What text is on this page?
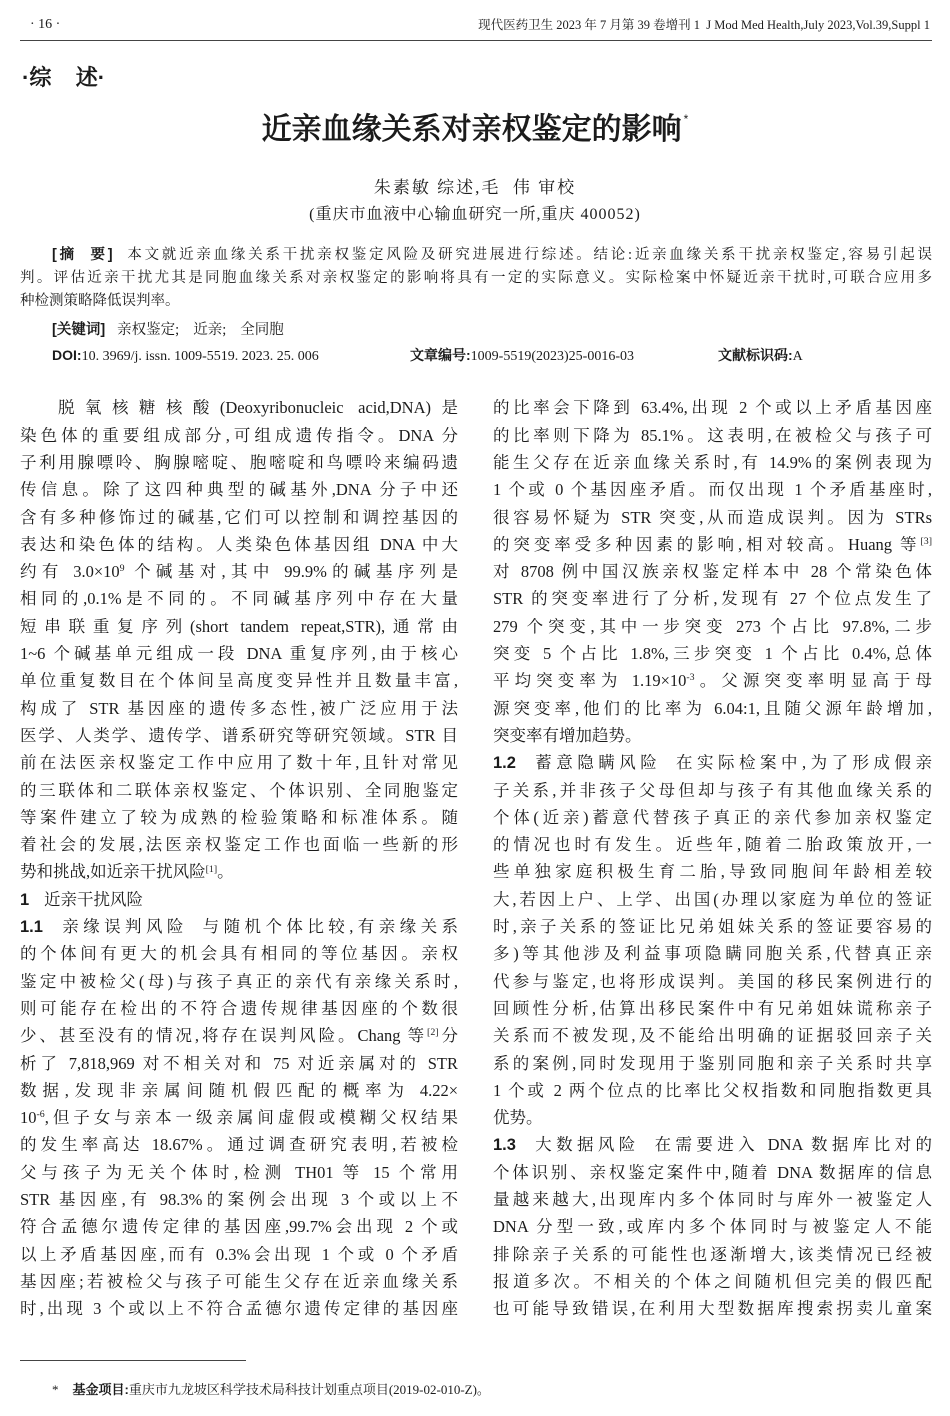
· 16 ·	现代医药卫生 2023 年 7 月第 39 卷增刊 1  J Mod Med Health,July 2023,Vol.39,Suppl 1
·综    述·
近亲血缘关系对亲权鉴定的影响 *
朱素敏 综述,毛  伟 审校
(重庆市血液中心输血研究一所,重庆 400052)
[摘  要] 本文就近亲血缘关系干扰亲权鉴定风险及研究进展进行综述。结论:近亲血缘关系干扰亲权鉴定,容易引起误
判。评估近亲干扰尤其是同胞血缘关系对亲权鉴定的影响将具有一定的实际意义。实际检案中怀疑近亲干扰时,可联合应用多
种检测策略降低误判率。
[关键词] 亲权鉴定; 近亲; 全同胞
DOI:10. 3969/j. issn. 1009-5519. 2023. 25. 006	文章编号:1009-5519(2023)25-0016-03	文献标识码:A
脱氧核糖核酸(Deoxyribonucleic acid,DNA)是
染色体的重要组成部分,可组成遗传指令。DNA 分
子利用腺嘌呤、胸腺嘧啶、胞嘧啶和鸟嘌呤来编码遗
传信息。除了这四种典型的碱基外,DNA 分子中还
含有多种修饰过的碱基,它们可以控制和调控基因的
表达和染色体的结构。人类染色体基因组 DNA 中大
约有 $3.0\times 10^9$ 个碱基对,其中 99.9%的碱基序列是
相同的,0.1%是不同的。不同碱基序列中存在大量
短串联重复序列(short tandem repeat,STR),通常由
1~6 个碱基单元组成一段 DNA 重复序列,由于核心
单位重复数目在个体间呈高度变异性并且数量丰富,
构成了 STR 基因座的遗传多态性,被广泛应用于法
医学、人类学、遗传学、谱系研究等研究领域。STR 目
前在法医亲权鉴定工作中应用了数十年,且针对常见
的三联体和二联体亲权鉴定、个体识别、全同胞鉴定
等案件建立了较为成熟的检验策略和标准体系。随
着社会的发展,法医亲权鉴定工作也面临一些新的形
势和挑战,如近亲干扰风险[1]。
1 近亲干扰风险
1.1 亲缘误判风险 与随机个体比较,有亲缘关系
的个体间有更大的机会具有相同的等位基因。亲权
鉴定中被检父(母)与孩子真正的亲代有亲缘关系时,
则可能存在检出的不符合遗传规律基因座的个数很
少、甚至没有的情况,将存在误判风险。Chang 等[2]分
析了 7,818,969 对不相关对和 75 对近亲属对的 STR
数据,发现非亲属间随机假匹配的概率为 4.22×
$10^{-6}$,但子女与亲本一级亲属间虚假或模糊父权结果
的发生率高达 18.67%。通过调查研究表明,若被检
父与孩子为无关个体时,检测 TH01 等 15 个常用
STR 基因座,有 98.3%的案例会出现 3 个或以上不
符合孟德尔遗传定律的基因座,99.7%会出现 2 个或
以上矛盾基因座,而有 0.3%会出现 1 个或 0 个矛盾
基因座;若被检父与孩子可能生父存在近亲血缘关系
时,出现 3 个或以上不符合孟德尔遗传定律的基因座
的比率会下降到 63.4%,出现 2 个或以上矛盾基因座
的比率则下降为 85.1%。这表明,在被检父与孩子可
能生父存在近亲血缘关系时,有 14.9%的案例表现为
1 个或 0 个基因座矛盾。而仅出现 1 个矛盾基座时,
很容易怀疑为 STR 突变,从而造成误判。因为 STRs
的突变率受多种因素的影响,相对较高。Huang 等[3]
对 8708 例中国汉族亲权鉴定样本中 28 个常染色体
STR 的突变率进行了分析,发现有 27 个位点发生了
279 个突变,其中一步突变 273 个占比 97.8%,二步
突变 5 个占比 1.8%,三步突变 1 个占比 0.4%,总体
平均突变率为 $1.19\times 10^{-3}$。父源突变率明显高于母
源突变率,他们的比率为 6.04:1,且随父源年龄增加,
突变率有增加趋势。
1.2 蓄意隐瞒风险 在实际检案中,为了形成假亲
子关系,并非孩子父母但却与孩子有其他血缘关系的
个体(近亲)蓄意代替孩子真正的亲代参加亲权鉴定
的情况也时有发生。近些年,随着二胎政策放开,一
些单独家庭积极生育二胎,导致同胞间年龄相差较
大,若因上户、上学、出国(办理以家庭为单位的签证
时,亲子关系的签证比兄弟姐妹关系的签证要容易的
多)等其他涉及利益事项隐瞒同胞关系,代替真正亲
代参与鉴定,也将形成误判。美国的移民案例进行的
回顾性分析,估算出移民案件中有兄弟姐妹谎称亲子
关系而不被发现,及不能给出明确的证据驳回亲子关
系的案例,同时发现用于鉴别同胞和亲子关系时共享
1 个或 2 两个位点的比率比父权指数和同胞指数更具
优势。
1.3 大数据风险 在需要进入 DNA 数据库比对的
个体识别、亲权鉴定案件中,随着 DNA 数据库的信息
量越来越大,出现库内多个体同时与库外一被鉴定人
DNA 分型一致,或库内多个体同时与被鉴定人不能
排除亲子关系的可能性也逐渐增大,该类情况已经被
报道多次。不相关的个体之间随机但完美的假匹配
也可能导致错误,在利用大型数据库搜索拐卖儿童案
* 基金项目:重庆市九龙坡区科学技术局科技计划重点项目(2019-02-010-Z)。
